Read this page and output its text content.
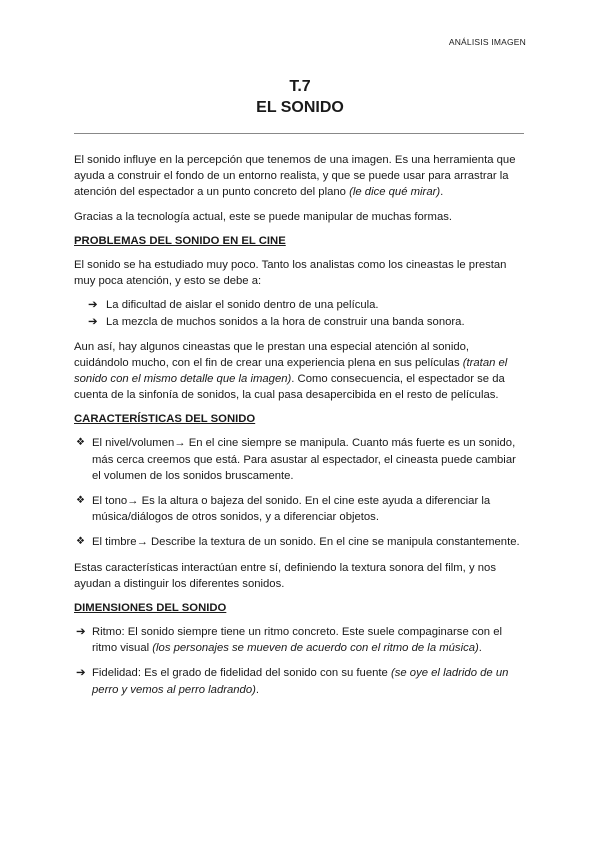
ANÁLISIS IMAGEN
T.7
EL SONIDO

El sonido influye en la percepción que tenemos de una imagen. Es una herramienta que ayuda a construir el fondo de un entorno realista, y que se puede usar para arrastrar la atención del espectador a un punto concreto del plano (le dice qué mirar).

Gracias a la tecnología actual, este se puede manipular de muchas formas.

PROBLEMAS DEL SONIDO EN EL CINE

El sonido se ha estudiado muy poco. Tanto los analistas como los cineastas le prestan muy poca atención, y esto se debe a:

➔ La dificultad de aislar el sonido dentro de una película.
➔ La mezcla de muchos sonidos a la hora de construir una banda sonora.

Aun así, hay algunos cineastas que le prestan una especial atención al sonido, cuidándolo mucho, con el fin de crear una experiencia plena en sus películas (tratan el sonido con el mismo detalle que la imagen). Como consecuencia, el espectador se da cuenta de la sinfonía de sonidos, la cual pasa desapercibida en el resto de películas.

CARACTERÍSTICAS DEL SONIDO
❖ El nivel/volumen→ En el cine siempre se manipula. Cuanto más fuerte es un sonido, más cerca creemos que está. Para asustar al espectador, el cineasta puede cambiar el volumen de los sonidos bruscamente.
❖ El tono→ Es la altura o bajeza del sonido. En el cine este ayuda a diferenciar la música/diálogos de otros sonidos, y a diferenciar objetos.
❖ El timbre→ Describe la textura de un sonido. En el cine se manipula constantemente.

Estas características interactúan entre sí, definiendo la textura sonora del film, y nos ayudan a distinguir los diferentes sonidos.

DIMENSIONES DEL SONIDO
➔ Ritmo: El sonido siempre tiene un ritmo concreto. Este suele compaginarse con el ritmo visual (los personajes se mueven de acuerdo con el ritmo de la música).
➔ Fidelidad: Es el grado de fidelidad del sonido con su fuente (se oye el ladrido de un perro y vemos al perro ladrando).
